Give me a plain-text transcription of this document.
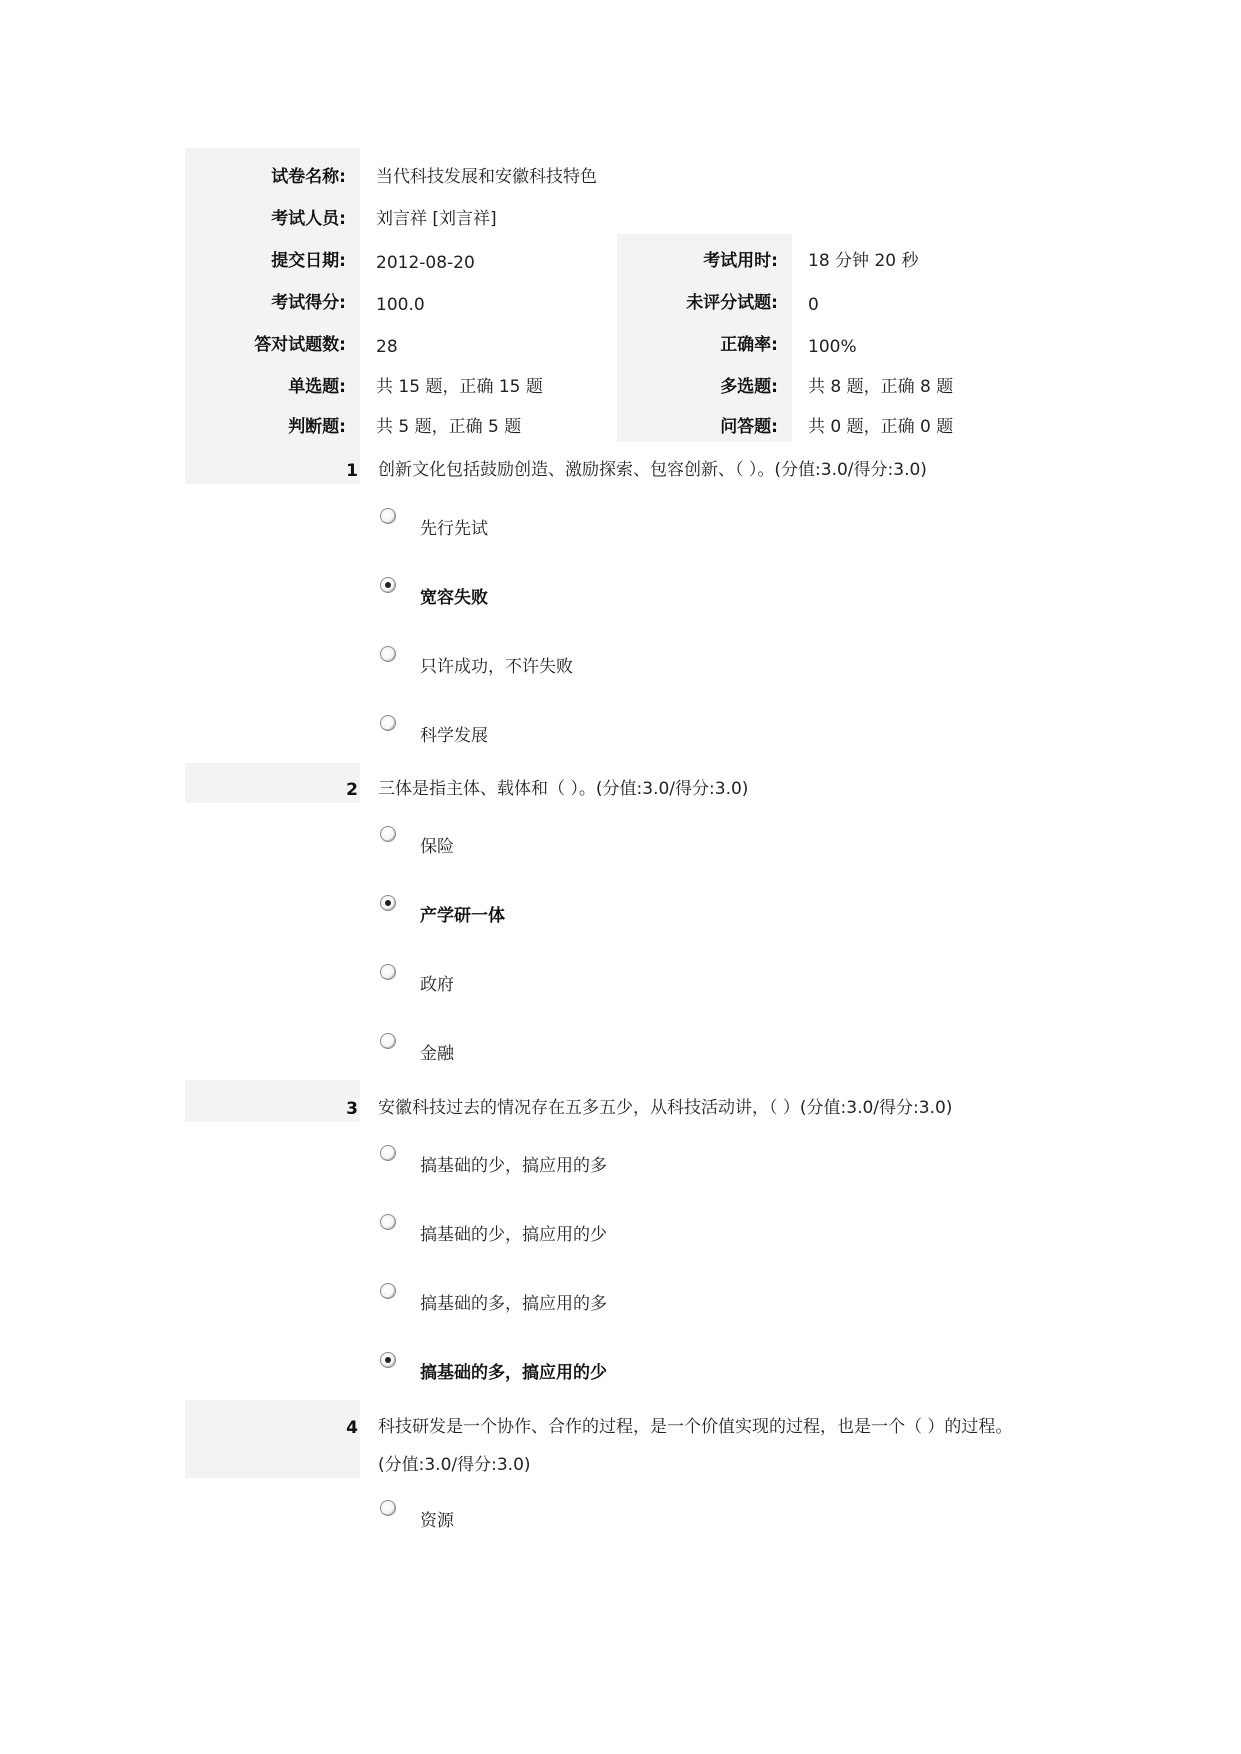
试卷名称: 当代科技发展和安徽科技特色
考试人员: 刘言祥 [刘言祥]
提交日期: 2012-08-20	考试用时: 18 分钟 20 秒
考试得分: 100.0	未评分试题: 0
答对试题数: 28	正确率: 100%
单选题: 共 15 题，正确 15 题	多选题: 共 8 题，正确 8 题
判断题: 共 5 题，正确 5 题	问答题: 共 0 题，正确 0 题
1 创新文化包括鼓励创造、激励探索、包容创新、（ ）。(分值:3.0/得分:3.0)
先行先试
宽容失败
只许成功，不许失败
科学发展
2 三体是指主体、载体和（ ）。(分值:3.0/得分:3.0)
保险
产学研一体
政府
金融
3 安徽科技过去的情况存在五多五少，从科技活动讲，（ ）(分值:3.0/得分:3.0)
搞基础的少，搞应用的多
搞基础的少，搞应用的少
搞基础的多，搞应用的多
搞基础的多，搞应用的少
4 科技研发是一个协作、合作的过程，是一个价值实现的过程，也是一个（ ）的过程。
(分值:3.0/得分:3.0)
资源
